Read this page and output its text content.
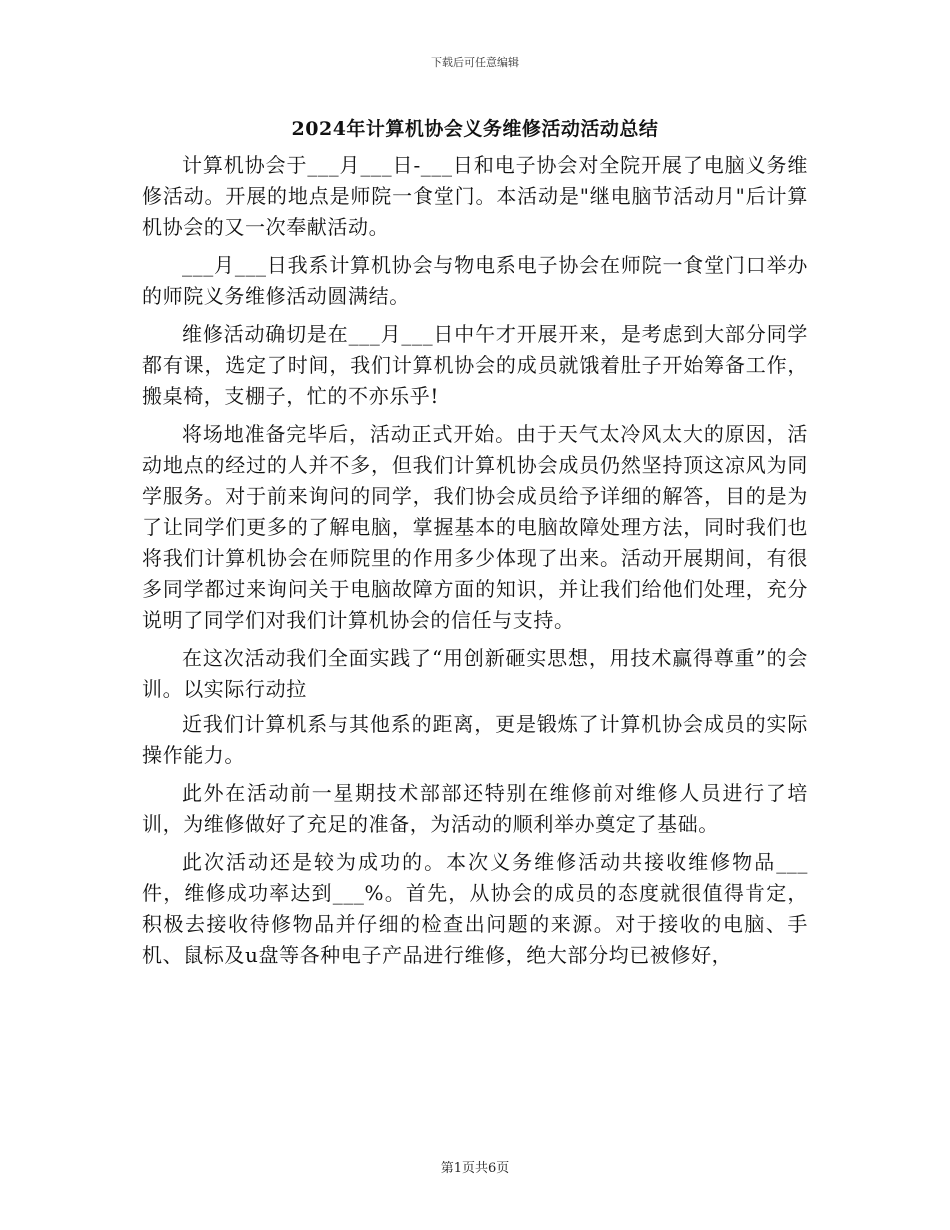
下载后可任意编辑
2024年计算机协会义务维修活动活动总结

计算机协会于___月___日-___日和电子协会对全院开展了电脑义务维修活动。开展的地点是师院一食堂门。本活动是"继电脑节活动月"后计算机协会的又一次奉献活动。

___月___日我系计算机协会与物电系电子协会在师院一食堂门口举办的师院义务维修活动圆满结。

维修活动确切是在___月___日中午才开展开来，是考虑到大部分同学都有课，选定了时间，我们计算机协会的成员就饿着肚子开始筹备工作，搬桌椅，支棚子，忙的不亦乐乎!

将场地准备完毕后，活动正式开始。由于天气太冷风太大的原因，活动地点的经过的人并不多，但我们计算机协会成员仍然坚持顶这凉风为同学服务。对于前来询问的同学，我们协会成员给予详细的解答，目的是为了让同学们更多的了解电脑，掌握基本的电脑故障处理方法，同时我们也将我们计算机协会在师院里的作用多少体现了出来。活动开展期间，有很多同学都过来询问关于电脑故障方面的知识，并让我们给他们处理，充分说明了同学们对我们计算机协会的信任与支持。

在这次活动我们全面实践了“用创新砸实思想，用技术赢得尊重”的会训。以实际行动拉

近我们计算机系与其他系的距离，更是锻炼了计算机协会成员的实际操作能力。

此外在活动前一星期技术部部还特别在维修前对维修人员进行了培训，为维修做好了充足的准备，为活动的顺利举办奠定了基础。

此次活动还是较为成功的。本次义务维修活动共接收维修物品___件，维修成功率达到___%。首先，从协会的成员的态度就很值得肯定，积极去接收待修物品并仔细的检查出问题的来源。对于接收的电脑、手机、鼠标及u盘等各种电子产品进行维修，绝大部分均已被修好，

第1页共6页
